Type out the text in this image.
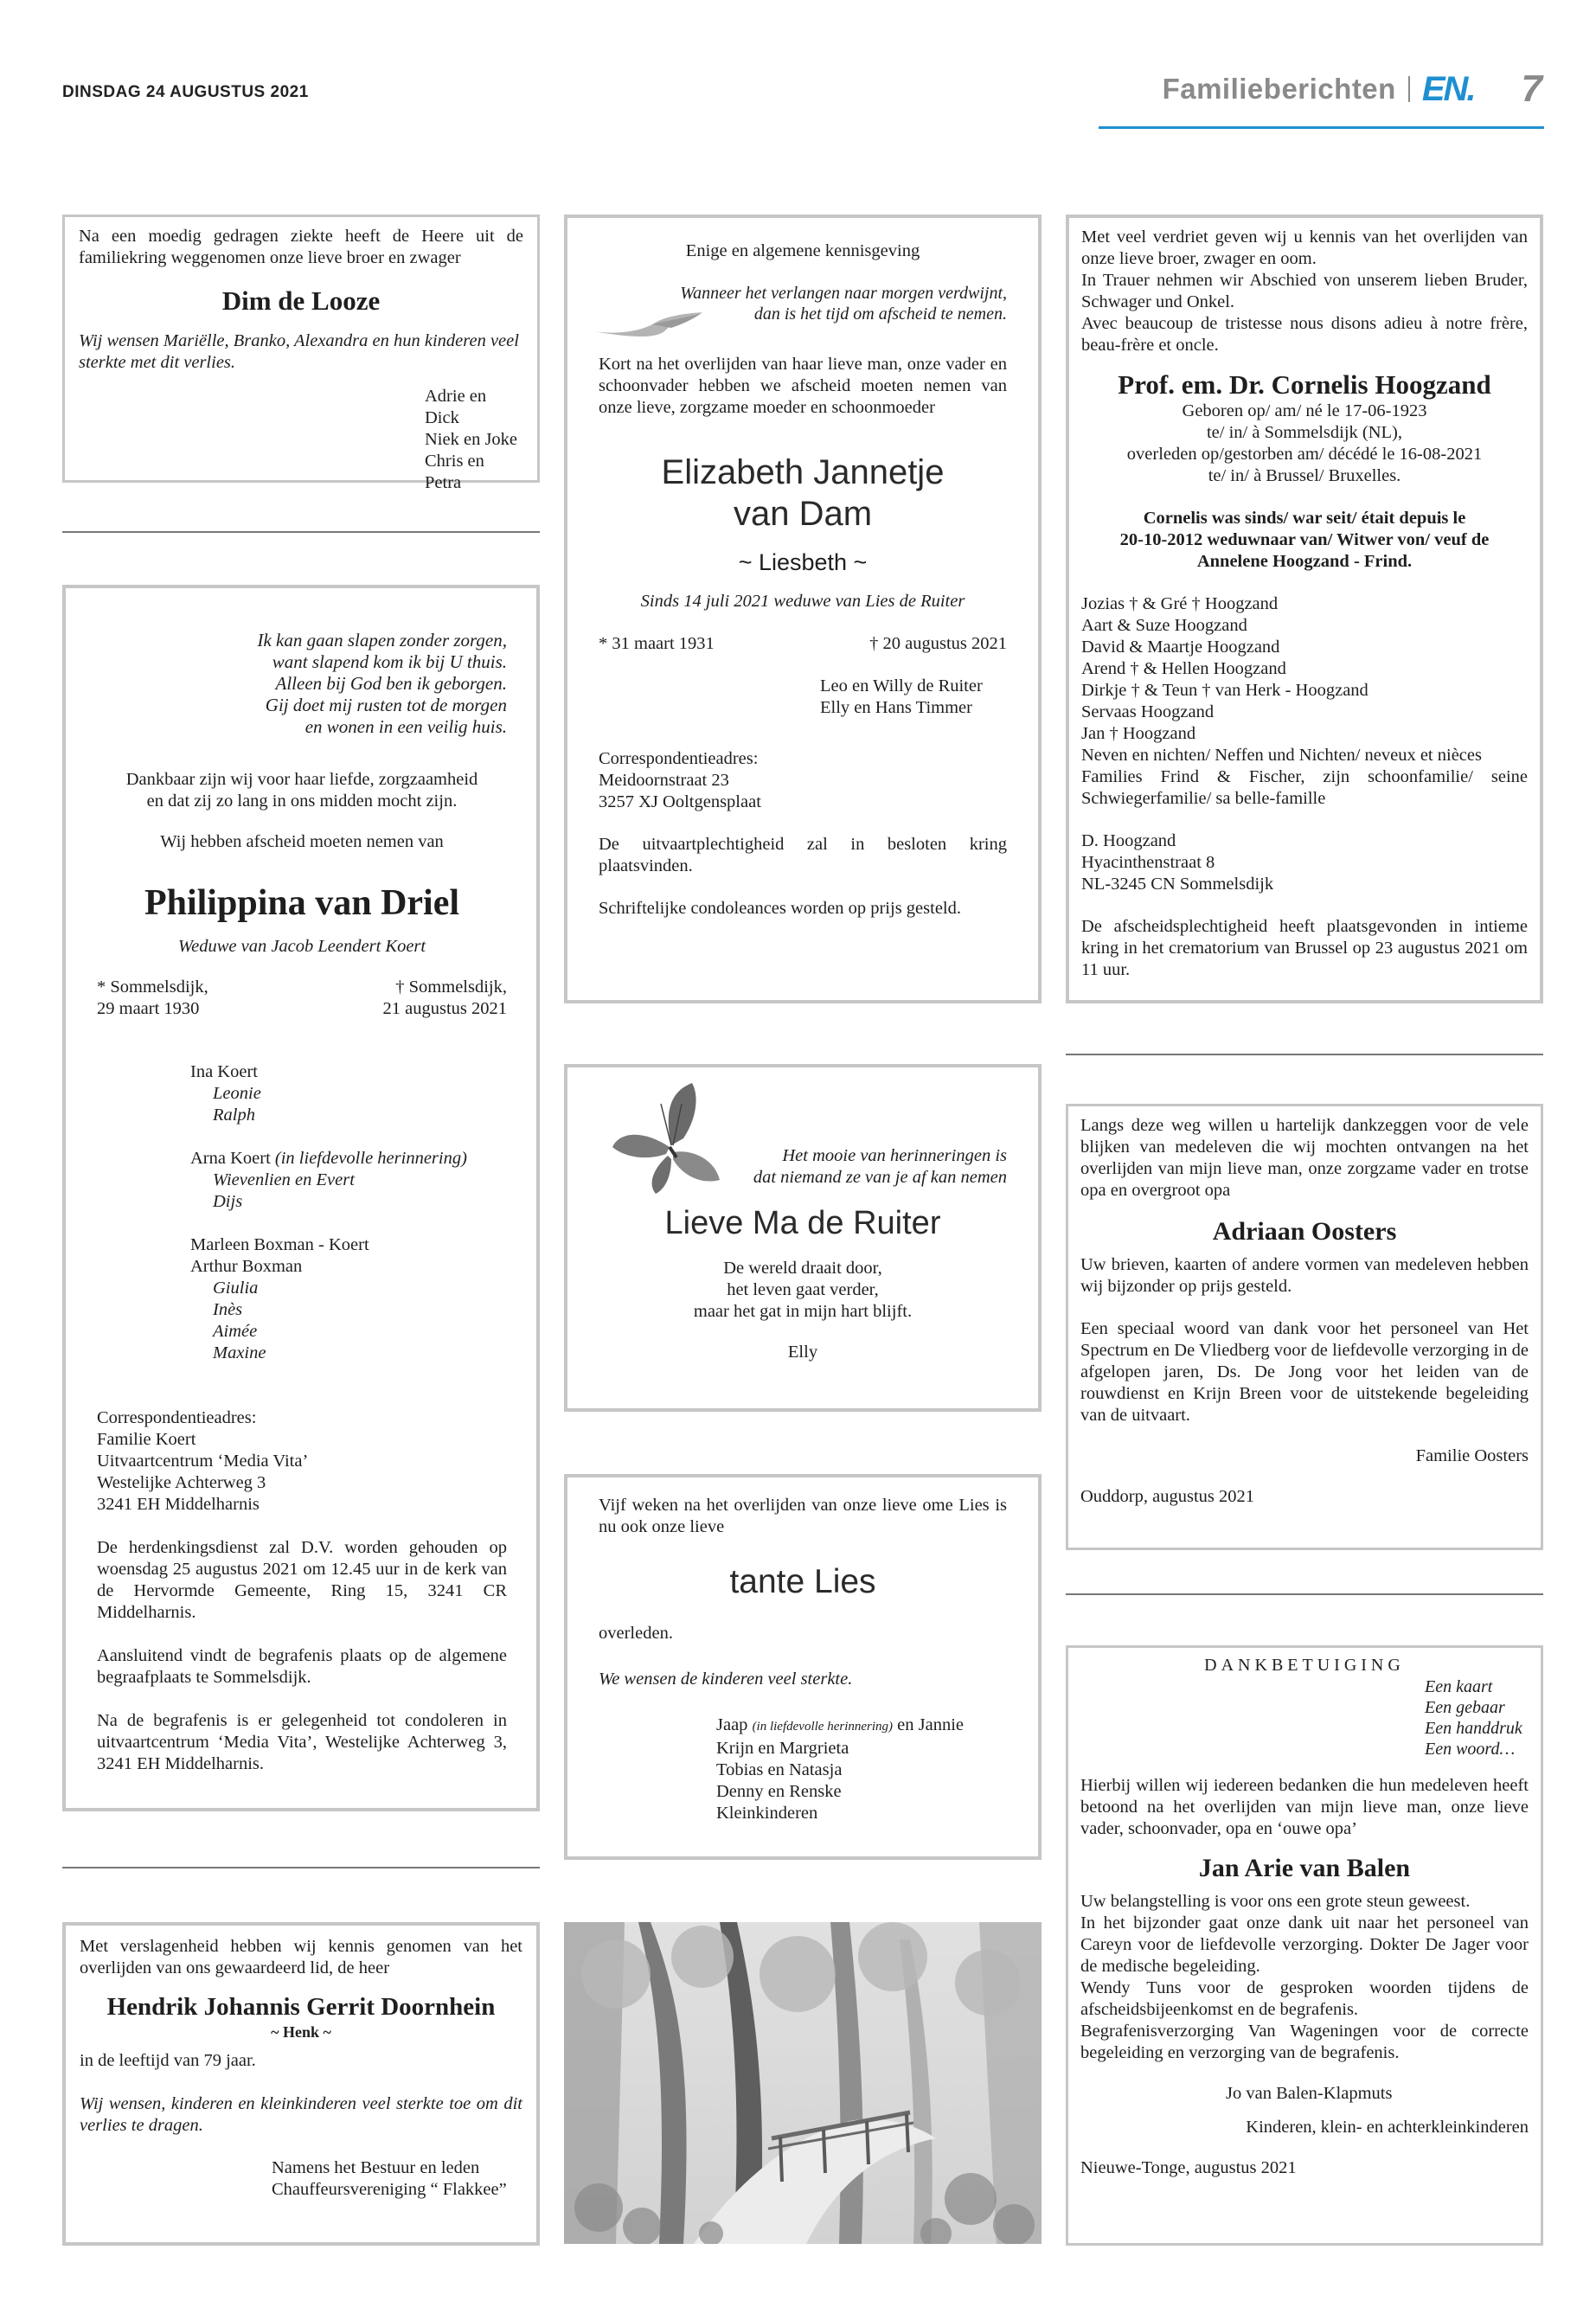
DINSDAG 24 AUGUSTUS 2021	Familieberichten EN. 7

Na een moedig gedragen ziekte heeft de Heere uit de familiekring weggenomen onze lieve broer en zwager

Dim de Looze

Wij wensen Mariëlle, Branko, Alexandra en hun kinderen veel sterkte met dit verlies.

Adrie en Dick

Niek en Joke

Chris en Petra

Ik kan gaan slapen zonder zorgen,

want slapend kom ik bij U thuis.

Alleen bij God ben ik geborgen.

Gij doet mij rusten tot de morgen

en wonen in een veilig huis.

Dankbaar zijn wij voor haar liefde, zorgzaamheid

en dat zij zo lang in ons midden mocht zijn.

Wij hebben afscheid moeten nemen van

Philippina van Driel

Weduwe van Jacob Leendert Koert

* Sommelsdijk,

29 maart 1930

† Sommelsdijk,

21 augustus 2021

Ina Koert

Leonie

Ralph

Arna Koert (in liefdevolle herinnering)

Wievenlien en Evert

Dijs

Marleen Boxman - Koert

Arthur Boxman

Giulia

Inès

Aimée

Maxine

Correspondentieadres:

Familie Koert

Uitvaartcentrum ‘Media Vita’

Westelijke Achterweg 3

3241 EH Middelharnis

De herdenkingsdienst zal D.V. worden gehouden op woensdag 25 augustus 2021 om 12.45 uur in de kerk van de Hervormde Gemeente, Ring 15, 3241 CR Middelharnis.

Aansluitend vindt de begrafenis plaats op de algemene begraafplaats te Sommelsdijk.

Na de begrafenis is er gelegenheid tot condoleren in uitvaartcentrum ‘Media Vita’, Westelijke Achterweg 3, 3241 EH Middelharnis.

Met verslagenheid hebben wij kennis genomen van het overlijden van ons gewaardeerd lid, de heer

Hendrik Johannis Gerrit Doornhein

~ Henk ~

in de leeftijd van 79 jaar.

Wij wensen, kinderen en kleinkinderen veel sterkte toe om dit verlies te dragen.

Namens het Bestuur en leden

Chauffeursvereniging “ Flakkee”

Enige en algemene kennisgeving

Wanneer het verlangen naar morgen verdwijnt,

dan is het tijd om afscheid te nemen.

Kort na het overlijden van haar lieve man, onze vader en schoonvader hebben we afscheid moeten nemen van onze lieve, zorgzame moeder en schoonmoeder

Elizabeth Jannetje

van Dam

~ Liesbeth ~

Sinds 14 juli 2021 weduwe van Lies de Ruiter

* 31 maart 1931	† 20 augustus 2021

Leo en Willy de Ruiter

Elly en Hans Timmer

Correspondentieadres:

Meidoornstraat 23

3257 XJ Ooltgensplaat

De uitvaartplechtigheid zal in besloten kring plaatsvinden.

Schriftelijke condoleances worden op prijs gesteld.

Het mooie van herinneringen is

dat niemand ze van je af kan nemen

Lieve Ma de Ruiter

De wereld draait door,

het leven gaat verder,

maar het gat in mijn hart blijft.

Elly

Vijf weken na het overlijden van onze lieve ome Lies is nu ook onze lieve

tante Lies

overleden.

We wensen de kinderen veel sterkte.

Jaap (in liefdevolle herinnering) en Jannie

Krijn en Margrieta

Tobias en Natasja

Denny en Renske

Kleinkinderen

Met veel verdriet geven wij u kennis van het overlijden van onze lieve broer, zwager en oom.

In Trauer nehmen wir Abschied von unserem lieben Bruder, Schwager und Onkel.

Avec beaucoup de tristesse nous disons adieu à notre frère, beau-frère et oncle.

Prof. em. Dr. Cornelis Hoogzand

Geboren op/ am/ né le 17-06-1923

te/ in/ à Sommelsdijk (NL),

overleden op/gestorben am/ décédé le 16-08-2021

te/ in/ à Brussel/ Bruxelles.

Cornelis was sinds/ war seit/ était depuis le

20-10-2012 weduwnaar van/ Witwer von/ veuf de

Annelene Hoogzand - Frind.

Jozias † & Gré † Hoogzand

Aart & Suze Hoogzand

David & Maartje Hoogzand

Arend † & Hellen Hoogzand

Dirkje † & Teun † van Herk - Hoogzand

Servaas Hoogzand

Jan † Hoogzand

Neven en nichten/ Neffen und Nichten/ neveux et nièces

Families Frind & Fischer, zijn schoonfamilie/ seine Schwiegerfamilie/ sa belle-famille

D. Hoogzand

Hyacinthenstraat 8

NL-3245 CN Sommelsdijk

De afscheidsplechtigheid heeft plaatsgevonden in intieme kring in het crematorium van Brussel op 23 augustus 2021 om 11 uur.

Langs deze weg willen u hartelijk dankzeggen voor de vele blijken van medeleven die wij mochten ontvangen na het overlijden van mijn lieve man, onze zorgzame vader en trotse opa en overgroot opa

Adriaan Oosters

Uw brieven, kaarten of andere vormen van medeleven hebben wij bijzonder op prijs gesteld.

Een speciaal woord van dank voor het personeel van Het Spectrum en De Vliedberg voor de liefdevolle verzorging in de afgelopen jaren, Ds. De Jong voor het leiden van de rouwdienst en Krijn Breen voor de uitstekende begeleiding van de uitvaart.

Familie Oosters

Ouddorp, augustus 2021

DANKBETUIGING

Een kaart

Een gebaar

Een handdruk

Een woord…

Hierbij willen wij iedereen bedanken die hun medeleven heeft betoond na het overlijden van mijn lieve man, onze lieve vader, schoonvader, opa en ‘ouwe opa’

Jan Arie van Balen

Uw belangstelling is voor ons een grote steun geweest.

In het bijzonder gaat onze dank uit naar het personeel van Careyn voor de liefdevolle verzorging. Dokter De Jager voor de medische begeleiding.

Wendy Tuns voor de gesproken woorden tijdens de afscheidsbijeenkomst en de begrafenis.

Begrafenisverzorging Van Wageningen voor de correcte begeleiding en verzorging van de begrafenis.

Jo van Balen-Klapmuts

Kinderen, klein- en achterkleinkinderen

Nieuwe-Tonge, augustus 2021
